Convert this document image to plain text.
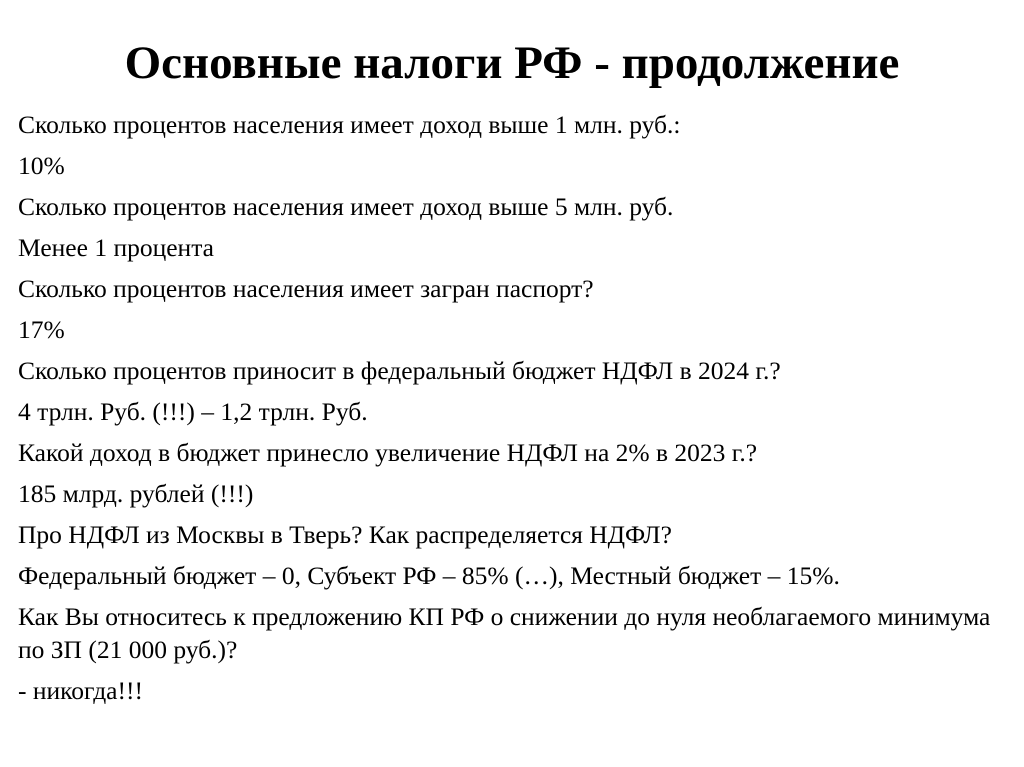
Основные налоги РФ - продолжение

Сколько процентов населения имеет доход выше 1 млн. руб.:

10%

Сколько процентов населения имеет доход выше 5 млн. руб.

Менее 1 процента

Сколько процентов населения имеет загран паспорт?

17%

Сколько процентов приносит в федеральный бюджет НДФЛ в 2024 г.?

4 трлн. Руб. (!!!) – 1,2 трлн. Руб.

Какой доход в бюджет принесло увеличение НДФЛ на 2% в 2023 г.?

185 млрд. рублей (!!!)

Про НДФЛ из Москвы в Тверь? Как распределяется НДФЛ?

Федеральный бюджет – 0, Субъект РФ – 85% (…), Местный бюджет – 15%.

Как Вы относитесь к предложению КП РФ о снижении до нуля необлагаемого минимума по ЗП (21 000 руб.)?

- никогда!!!
